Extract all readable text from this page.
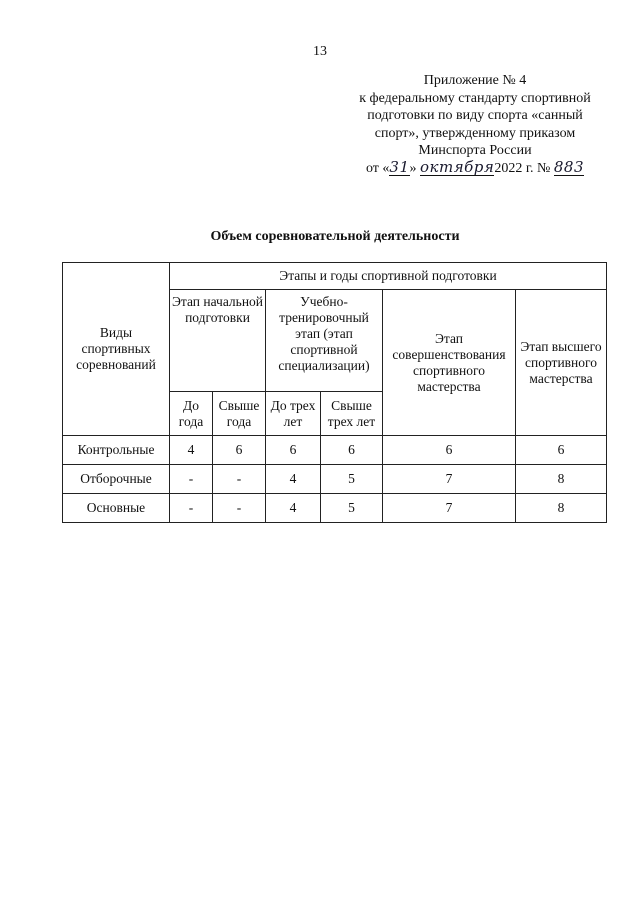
13
Приложение № 4
к федеральному стандарту спортивной
подготовки по виду спорта «санный
спорт», утвержденному приказом
Минспорта России
от «31» октября2022 г. № 883
Объем соревновательной деятельности
Виды спортивных соревнований	Этапы и годы спортивной подготовки					
	Этап начальной подготовки		Учебно-тренировочный этап (этап спортивной специализации)		Этап совершенствования спортивного мастерства	Этап высшего спортивного мастерства
	До года	Свыше года	До трех лет	Свыше трех лет		
Контрольные	4	6	6	6	6	6
Отборочные	-	-	4	5	7	8
Основные	-	-	4	5	7	8
